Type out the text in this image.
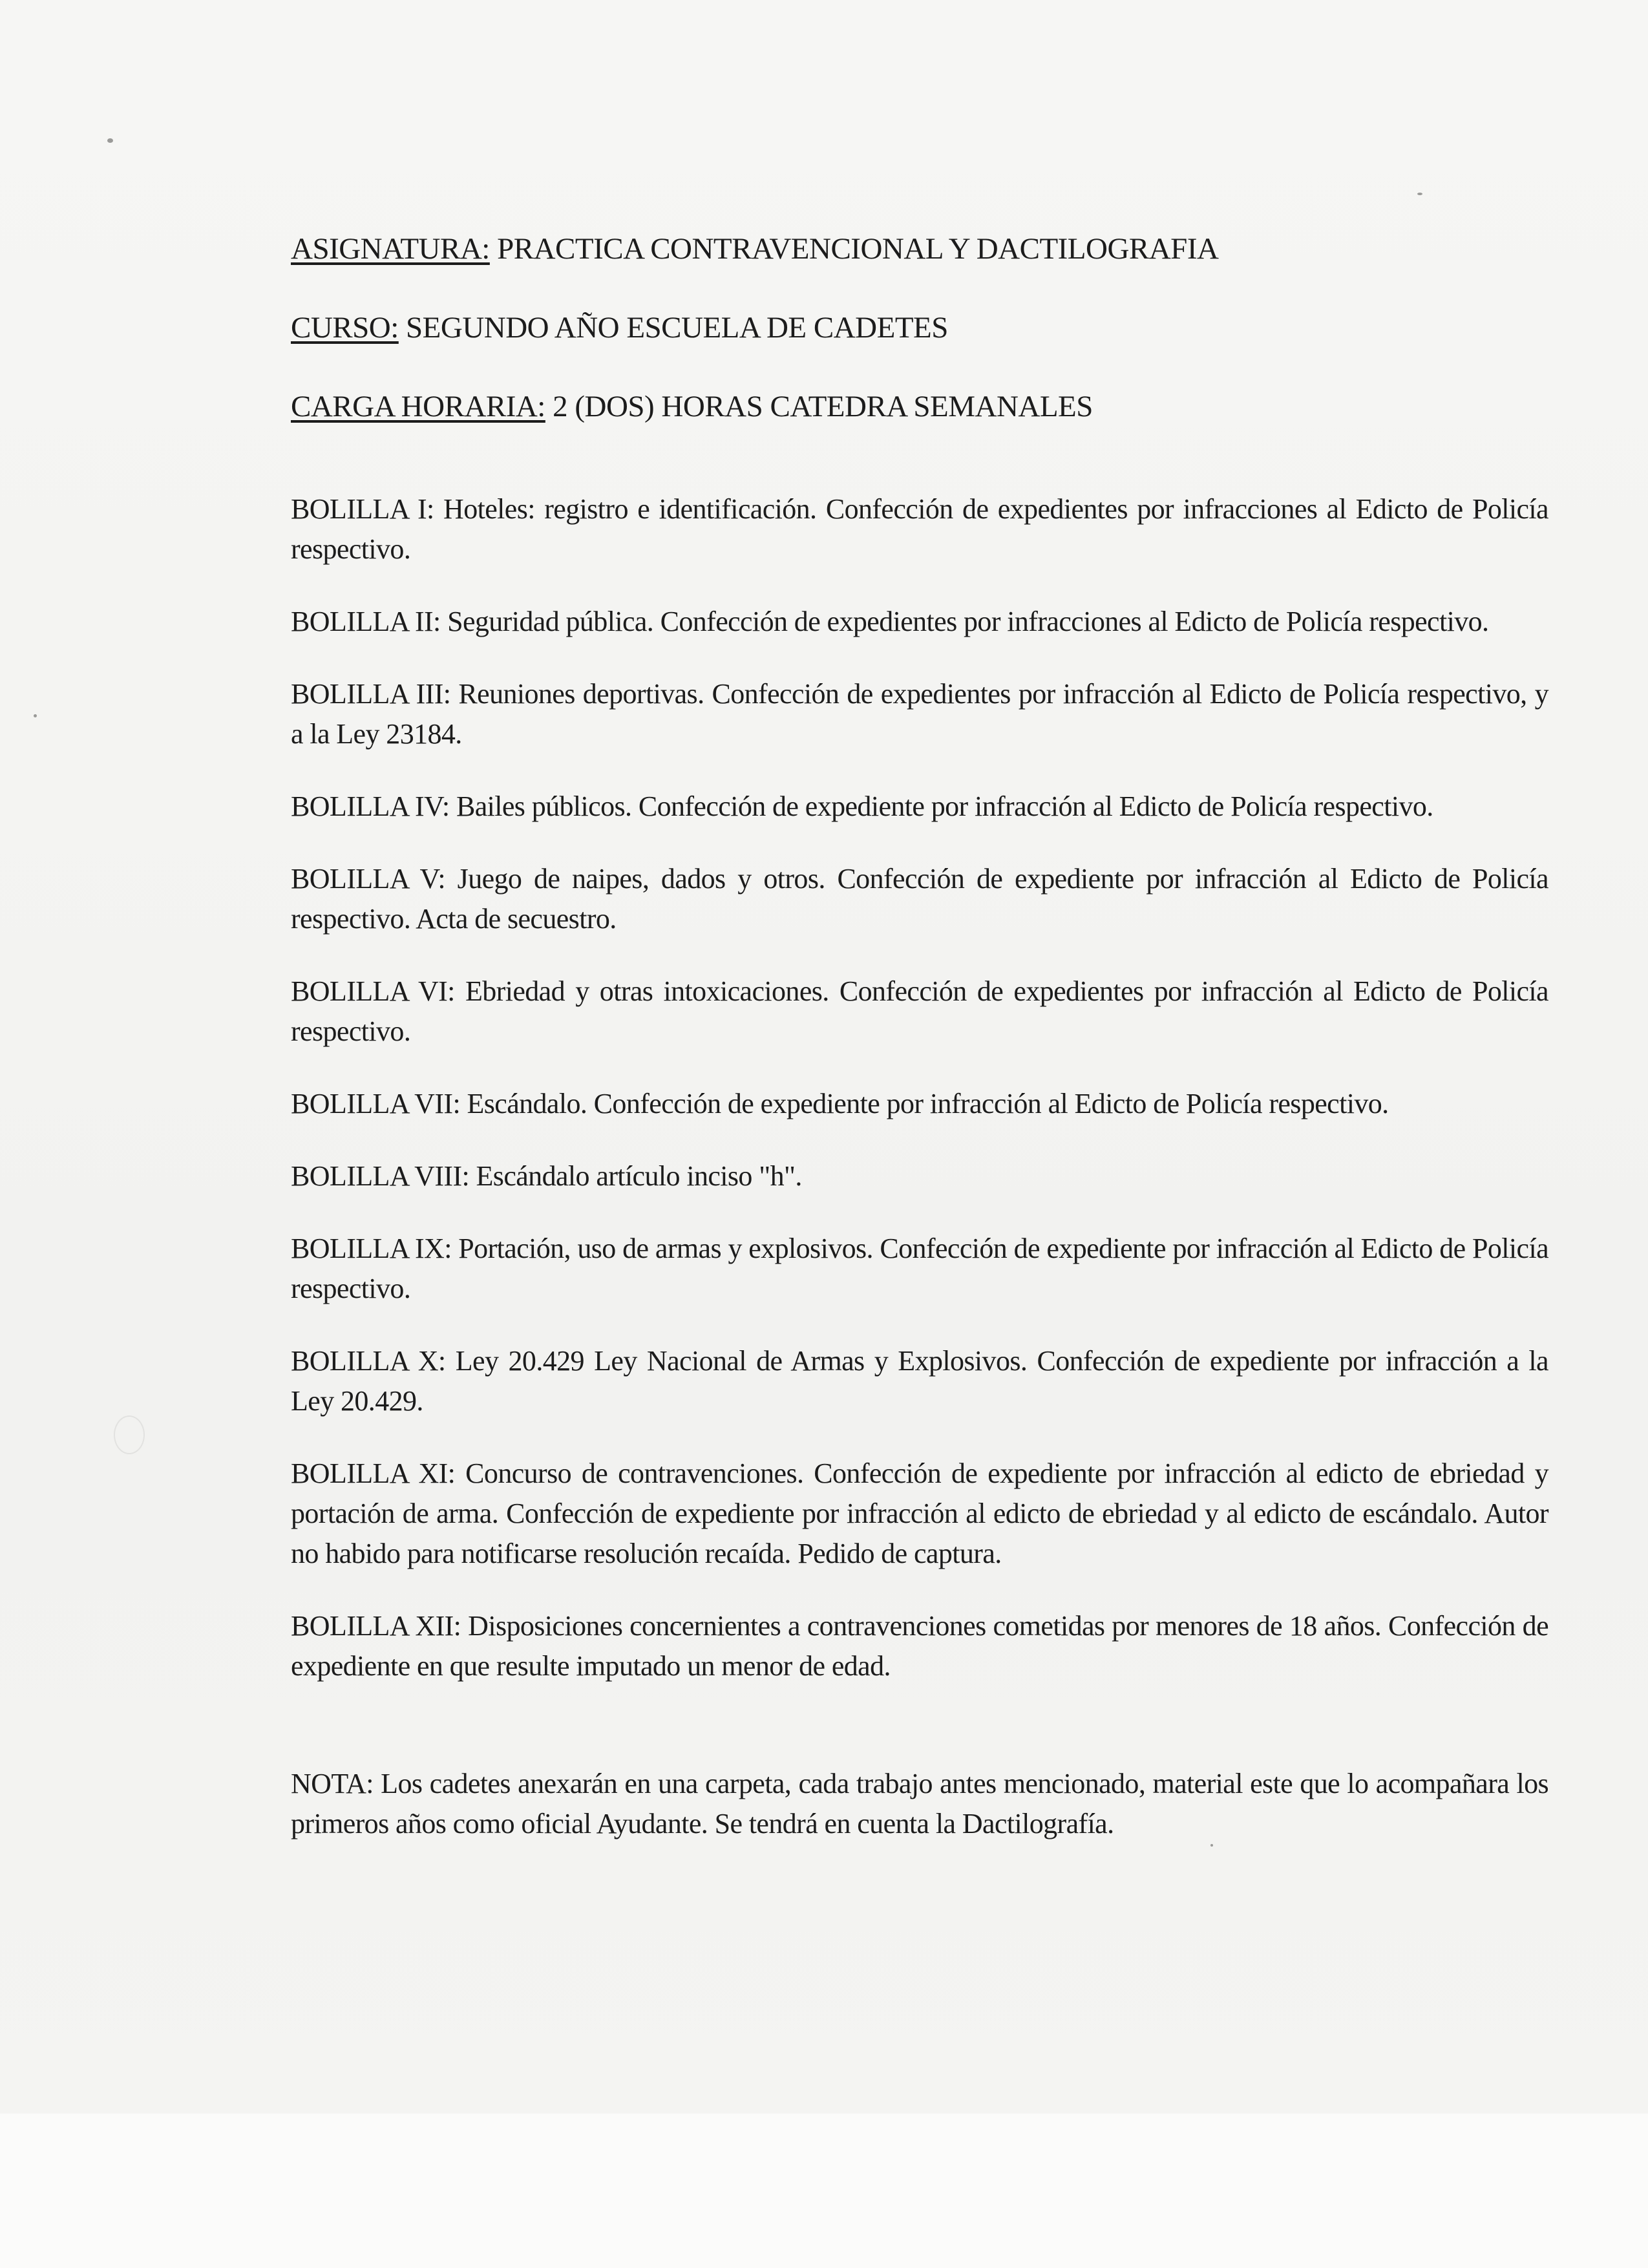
ASIGNATURA: PRACTICA CONTRAVENCIONAL Y DACTILOGRAFIA
CURSO: SEGUNDO AÑO ESCUELA DE CADETES
CARGA HORARIA: 2 (DOS) HORAS CATEDRA SEMANALES

BOLILLA I: Hoteles: registro e identificación. Confección de expedientes por infracciones al Edicto de Policía respectivo.

BOLILLA II: Seguridad pública. Confección de expedientes por infracciones al Edicto de Policía respectivo.

BOLILLA III: Reuniones deportivas. Confección de expedientes por infracción al Edicto de Policía respectivo, y a la Ley 23184.

BOLILLA IV: Bailes públicos. Confección de expediente por infracción al Edicto de Policía respectivo.

BOLILLA V: Juego de naipes, dados y otros. Confección de expediente por infracción al Edicto de Policía respectivo. Acta de secuestro.

BOLILLA VI: Ebriedad y otras intoxicaciones. Confección de expedientes por infracción al Edicto de Policía respectivo.

BOLILLA VII: Escándalo. Confección de expediente por infracción al Edicto de Policía respectivo.

BOLILLA VIII: Escándalo artículo inciso "h".

BOLILLA IX: Portación, uso de armas y explosivos. Confección de expediente por infracción al Edicto de Policía respectivo.

BOLILLA X: Ley 20.429 Ley Nacional de Armas y Explosivos. Confección de expediente por infracción a la Ley 20.429.

BOLILLA XI: Concurso de contravenciones. Confección de expediente por infracción al edicto de ebriedad y portación de arma. Confección de expediente por infracción al edicto de ebriedad y al edicto de escándalo. Autor no habido para notificarse resolución recaída. Pedido de captura.

BOLILLA XII: Disposiciones concernientes a contravenciones cometidas por menores de 18 años. Confección de expediente en que resulte imputado un menor de edad.

NOTA: Los cadetes anexarán en una carpeta, cada trabajo antes mencionado, material este que lo acompañara los primeros años como oficial Ayudante. Se tendrá en cuenta la Dactilografía.
